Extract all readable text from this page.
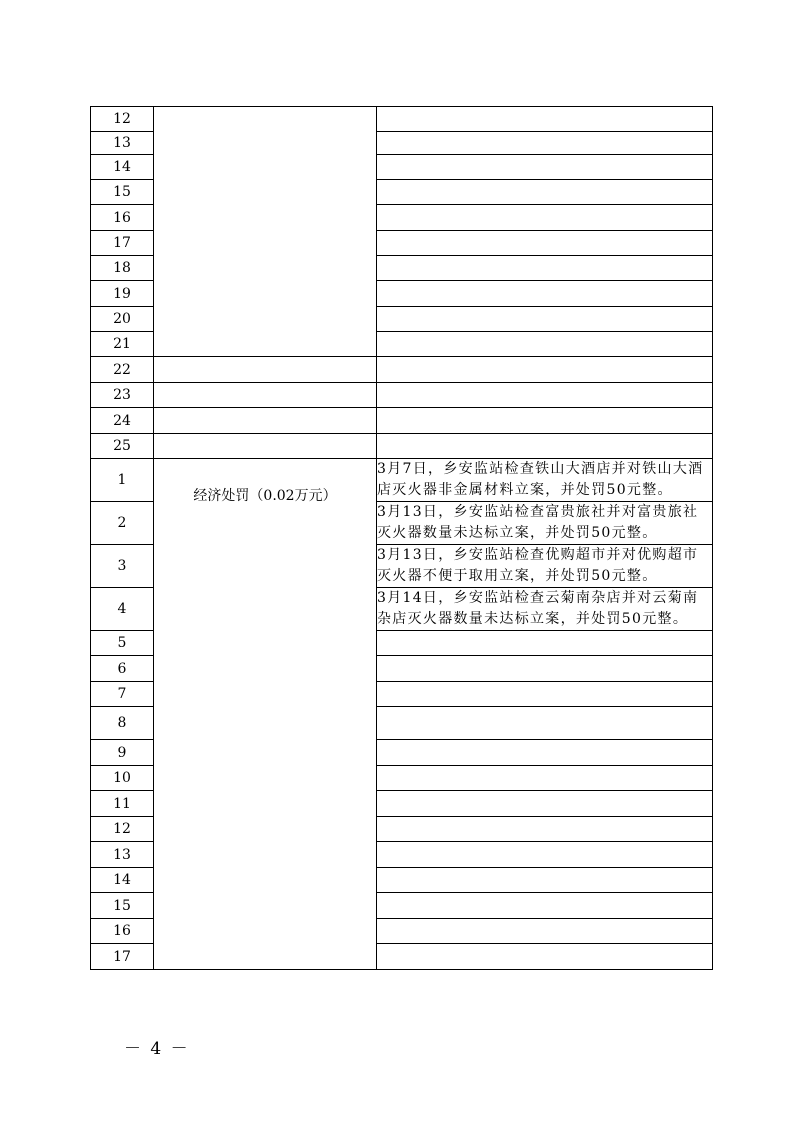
12		
13		
14		
15		
16		
17		
18		
19		
20		
21		
22		
23		
24		
25		
1	经济处罚（0.02万元）	3月7日，乡安监站检查铁山大酒店并对铁山大酒店灭火器非金属材料立案，并处罚50元整。
2		3月13日，乡安监站检查富贵旅社并对富贵旅社灭火器数量未达标立案，并处罚50元整。
3		3月13日，乡安监站检查优购超市并对优购超市灭火器不便于取用立案，并处罚50元整。
4		3月14日，乡安监站检查云菊南杂店并对云菊南杂店灭火器数量未达标立案，并处罚50元整。
5		
6		
7		
8		
9		
10		
11		
12		
13		
14		
15		
16		
17		
－ 4 －
